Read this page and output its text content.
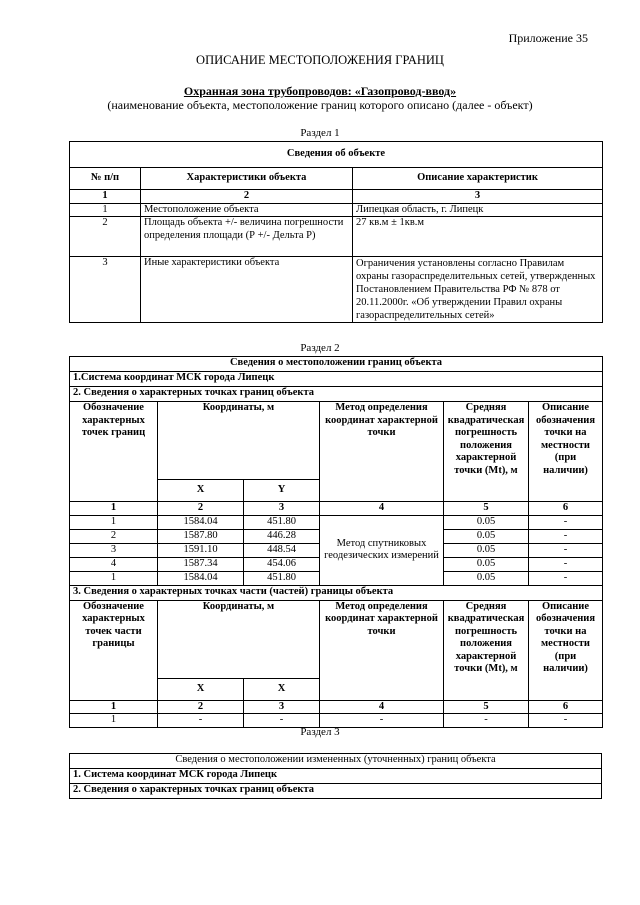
Приложение 35
ОПИСАНИЕ МЕСТОПОЛОЖЕНИЯ ГРАНИЦ
Охранная зона трубопроводов: «Газопровод-ввод»
(наименование объекта, местоположение границ которого описано (далее - объект)
Раздел 1
Сведения об объекте		
№ п/п	Характеристики объекта	Описание характеристик
1	2	3
1	Местоположение объекта	Липецкая область, г. Липецк
2	Площадь объекта +/- величина погрешности определения площади (Р +/- Дельта Р)	27 кв.м ± 1кв.м
3	Иные характеристики объекта	Ограничения установлены согласно Правилам охраны газораспределительных сетей, утвержденных Постановлением Правительства РФ № 878 от 20.11.2000г. «Об утверждении Правил охраны газораспределительных сетей»
Раздел 2
Сведения о местоположении границ объекта					
1.Система координат МСК города Липецк					
2. Сведения о характерных точках границ объекта					
Обозначение характерных точек границ	Координаты, м		Метод определения координат характерной точки	Средняя квадратическая погрешность положения характерной точки (Mt), м	Описание обозначения точки на местности (при наличии)
	X	Y			
1	2	3	4	5	6
1	1584.04	451.80	Метод спутниковых геодезических измерений	0.05	-
2	1587.80	446.28		0.05	-
3	1591.10	448.54		0.05	-
4	1587.34	454.06		0.05	-
1	1584.04	451.80		0.05	-
3. Сведения о характерных точках части (частей) границы объекта					
Обозначение характерных точек части границы	Координаты, м		Метод определения координат характерной точки	Средняя квадратическая погрешность положения характерной точки (Mt), м	Описание обозначения точки на местности (при наличии)
	X	X			
1	2	3	4	5	6
1	-	-	-	-	-
Раздел 3
Сведения о местоположении измененных (уточненных) границ объекта
1. Система координат МСК города Липецк
2. Сведения о характерных точках границ объекта
